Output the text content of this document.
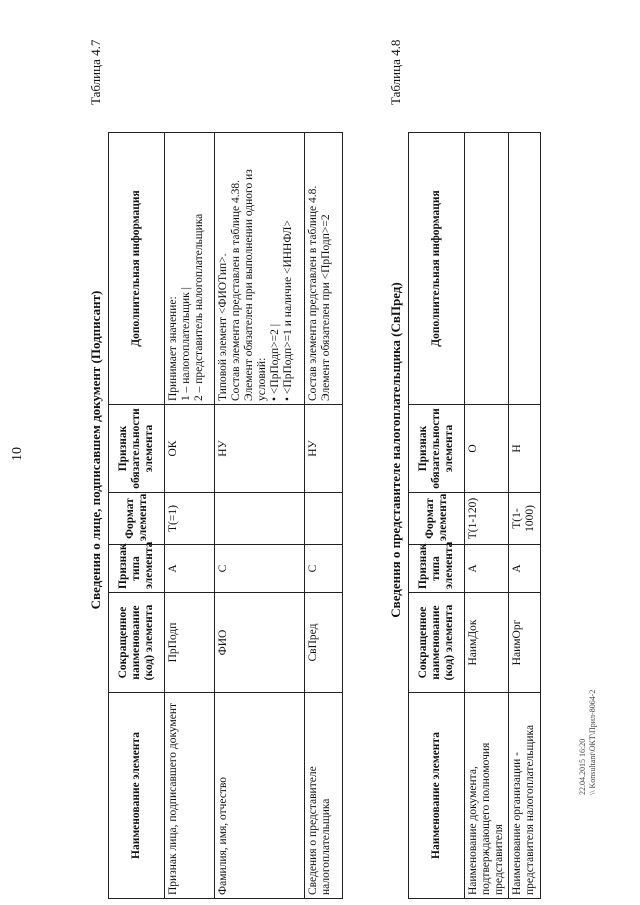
10
Таблица 4.7
Сведения о лице, подписавшем документ (Подписант)
Наименование элемента	Сокращенное наименование (код) элемента	Признак типа элемента	Формат элемента	Признак обязательности элемента	Дополнительная информация
Признак лица, подписавшего документ	ПрПодп	А	T(=1)	ОК	Принимает значение: 1 – налогоплательщик | 2 – представитель налогоплательщика

Фамилия, имя, отчество	ФИО	С		НУ	Типовой элемент <ФИОТип>. Состав элемента представлен в таблице 4.38. Элемент обязателен при выполнении одного из условий: • <ПрПодп>=2 | • <ПрПодп>=1 и наличие <ИННФЛ>

Сведения о представителе налогоплательщика	СвПред	С		НУ	Состав элемента представлен в таблице 4.8. Элемент обязателен при <ПрПодп>=2
Таблица 4.8
Сведения о представителе налогоплательщика (СвПред)
Наименование элемента	Сокращенное наименование (код) элемента	Признак типа элемента	Формат элемента	Признак обязательности элемента	Дополнительная информация
Наименование документа, подтверждающего полномочия представителя	НаимДок	А	T(1-120)	О	
Наименование организации - представителя налогоплательщика	НаимОрг	А	T(1-1000)	Н	
22.04.2015 16:20 \\ Konsultant\ОКТ\Прил-8064-2
